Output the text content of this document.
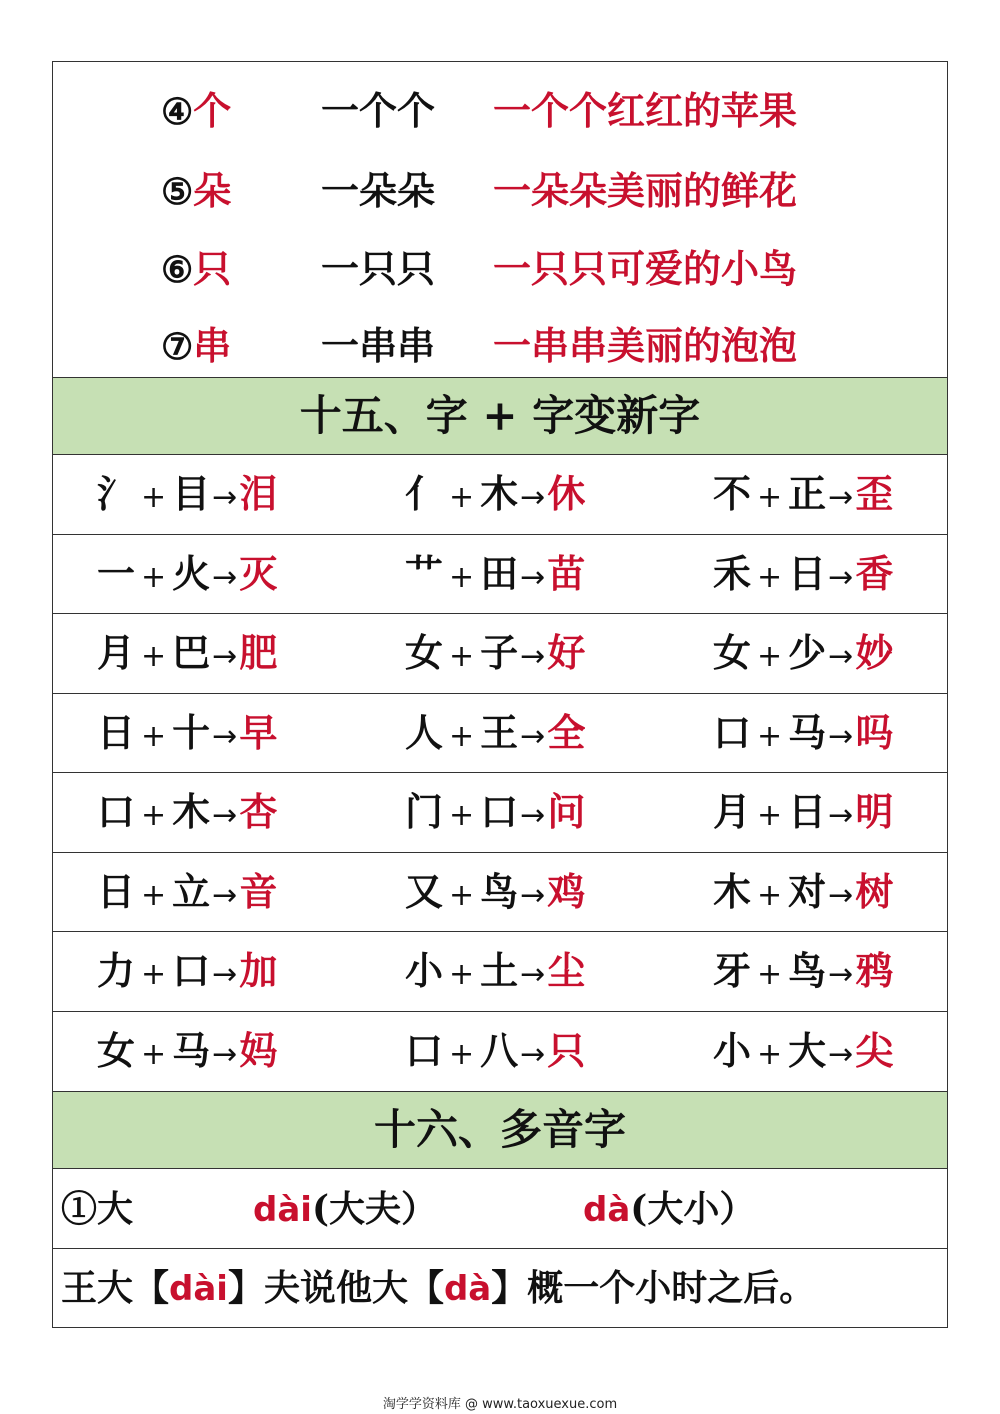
④个 一个个 一个个红红的苹果
⑤朵 一朵朵 一朵朵美丽的鲜花
⑥只 一只只 一只只可爱的小鸟
⑦串 一串串 一串串美丽的泡泡
十五、字 + 字变新字
氵 + 目→泪	亻 + 木→休	不 + 正→歪
一 + 火→灭	艹 + 田→苗	禾 + 日→香
月 + 巴→肥	女 + 子→好	女 + 少→妙
日 + 十→早	人 + 王→全	口 + 马→吗
口 + 木→杏	门 + 口→问	月 + 日→明
日 + 立→音	又 + 鸟→鸡	木 + 对→树
力 + 口→加	小 + 土→尘	牙 + 鸟→鸦
女 + 马→妈	口 + 八→只	小 + 大→尖
十六、多音字
①大	dài(大夫）	dà(大小）
王大【dài】夫说他大【dà】概一个小时之后。
淘学学资料库 @ www.taoxuexue.com
